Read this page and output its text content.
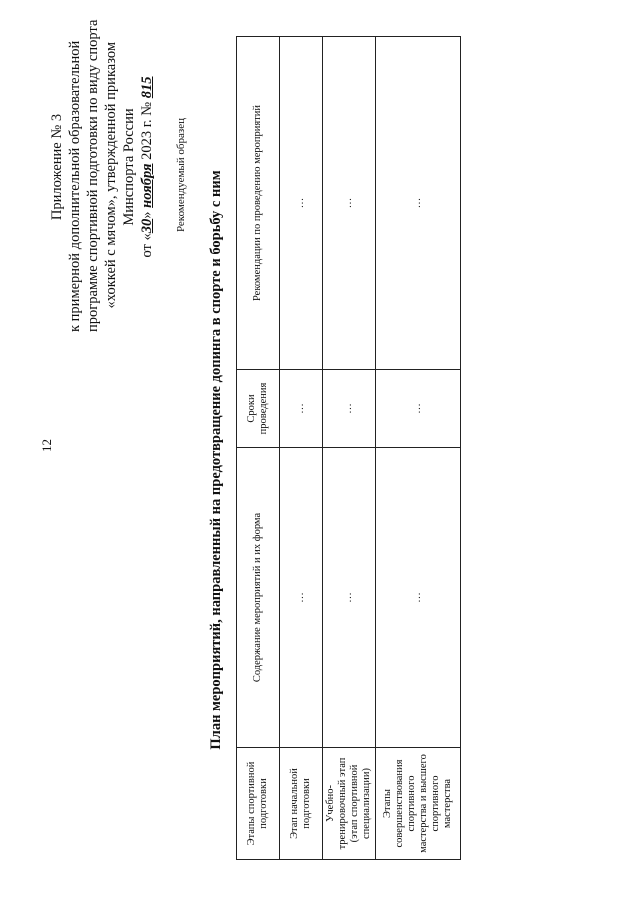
12
Приложение № 3 к примерной дополнительной образовательной программе спортивной подготовки по виду спорта «хоккей с мячом», утвержденной приказом Минспорта России
от «30» ноября 2023 г. № 815
Рекомендуемый образец План мероприятий, направленный на предотвращение допинга в спорте и борьбу с ним
Этапы спортивной подготовки	Содержание мероприятий и их форма	Сроки проведения	Рекомендации по проведению мероприятий
Этап начальной подготовки	…	…	…
Учебно-тренировочный этап (этап спортивной специализации)	…	…	…
Этапы совершенствования спортивного мастерства и высшего спортивного мастерства	…	…	…
